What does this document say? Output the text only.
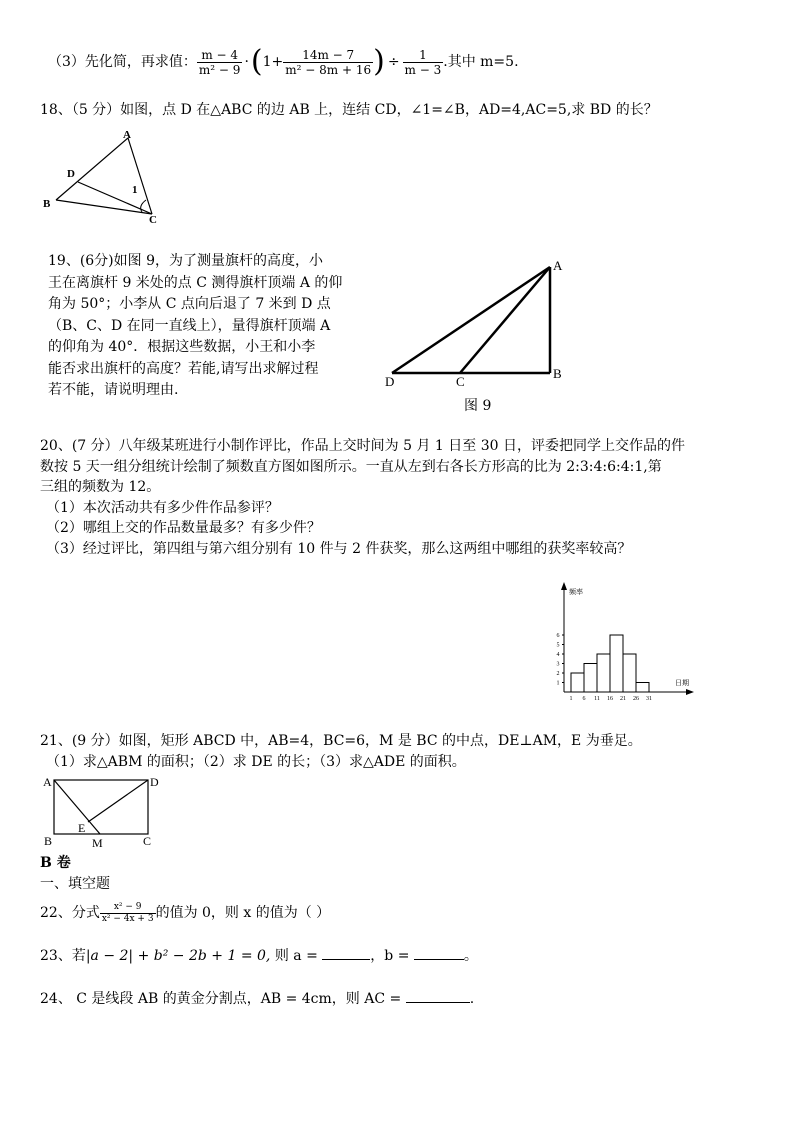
（3）先化简，再求值： $\frac{m - 4}{\text{m² − 9}}$ · ( $1+ \frac{14m - 7}{\text{m² − 8m + 16}}$ ) ÷ $\frac{1}{m - 3}$ .其中 m=5.
18、（5 分）如图，点 D 在△ABC 的边 AB 上，连结 CD，∠1=∠B，AD=4,AC=5,求 BD 的长？
A
D
B
C
1
19、(6分)如图 9，为了测量旗杆的高度，小
王在离旗杆 9 米处的点 C 测得旗杆顶端 A 的仰
角为 50°；小李从 C 点向后退了 7 米到 D 点
（B、C、D 在同一直线上），量得旗杆顶端 A
的仰角为 40°．根据这些数据，小王和小李
能否求出旗杆的高度？若能,请写出求解过程
若不能，请说明理由.
A
B
C
D
图 9
20、(7 分）八年级某班进行小制作评比，作品上交时间为 5 月 1 日至 30 日，评委把同学上交作品的件
数按 5 天一组分组统计绘制了频数直方图如图所示。一直从左到右各长方形高的比为 2:3:4:6:4:1,第
三组的频数为 12。
（1）本次活动共有多少件作品参评？
（2）哪组上交的作品数量最多？有多少件？
（3）经过评比，第四组与第六组分别有 10 件与 2 件获奖，那么这两组中哪组的获奖率较高？
频率
日期
1 6 11 16 21 26 31
1
2
3
4
5
6
21、(9 分）如图，矩形 ABCD 中，AB=4，BC=6，M 是 BC 的中点，DE⊥AM，E 为垂足。
（1）求△ABM 的面积；（2）求 DE 的长；（3）求△ADE 的面积。
A	D
B	C
E
M
B 卷
一、填空题
22、分式 $\frac{\text{x² − 9}}{\text{x² − 4x + 3}}$ 的值为 0，则 x 的值为（ ）
23、若|a − 2| + b² − 2b + 1 = 0, 则 a =	，b =	。
24、 C 是线段 AB 的黄金分割点，AB = 4cm，则 AC =	.
